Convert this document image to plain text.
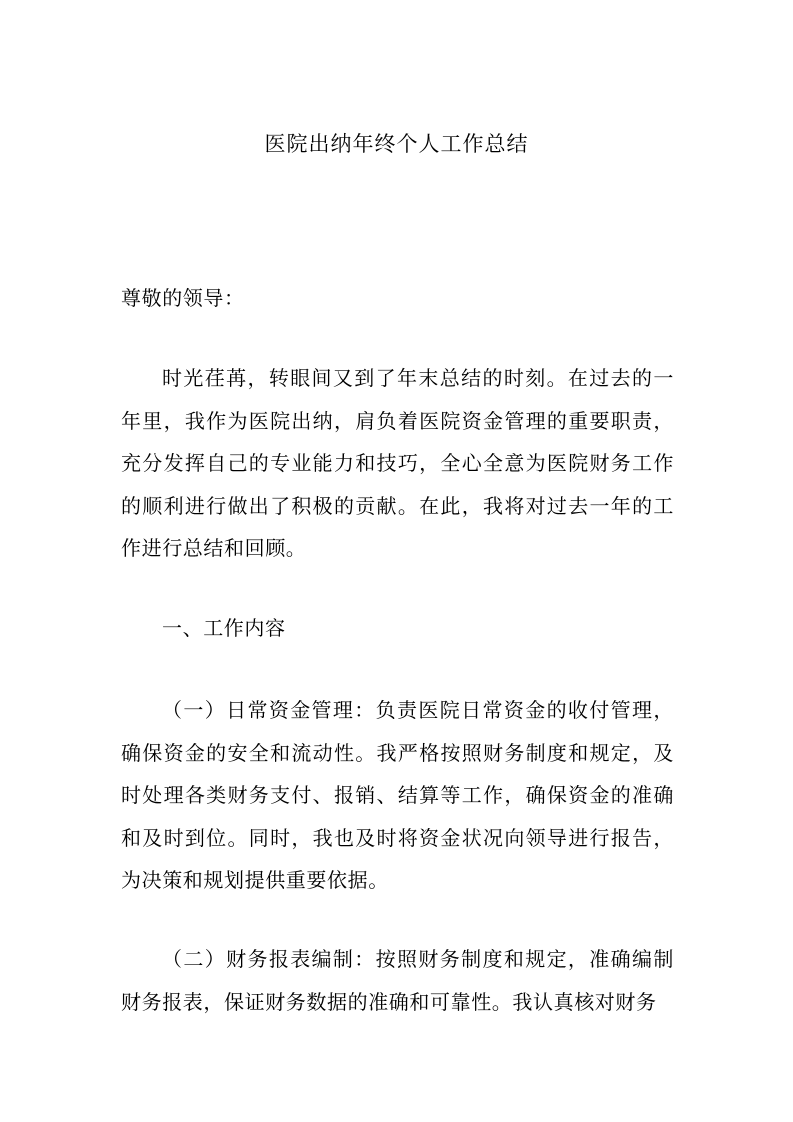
医院出纳年终个人工作总结
尊敬的领导：
时光荏苒，转眼间又到了年末总结的时刻。在过去的一年里，我作为医院出纳，肩负着医院资金管理的重要职责，充分发挥自己的专业能力和技巧，全心全意为医院财务工作的顺利进行做出了积极的贡献。在此，我将对过去一年的工作进行总结和回顾。
一、工作内容
（一）日常资金管理：负责医院日常资金的收付管理，确保资金的安全和流动性。我严格按照财务制度和规定，及时处理各类财务支付、报销、结算等工作，确保资金的准确和及时到位。同时，我也及时将资金状况向领导进行报告，为决策和规划提供重要依据。
（二）财务报表编制：按照财务制度和规定，准确编制财务报表，保证财务数据的准确和可靠性。我认真核对财务
